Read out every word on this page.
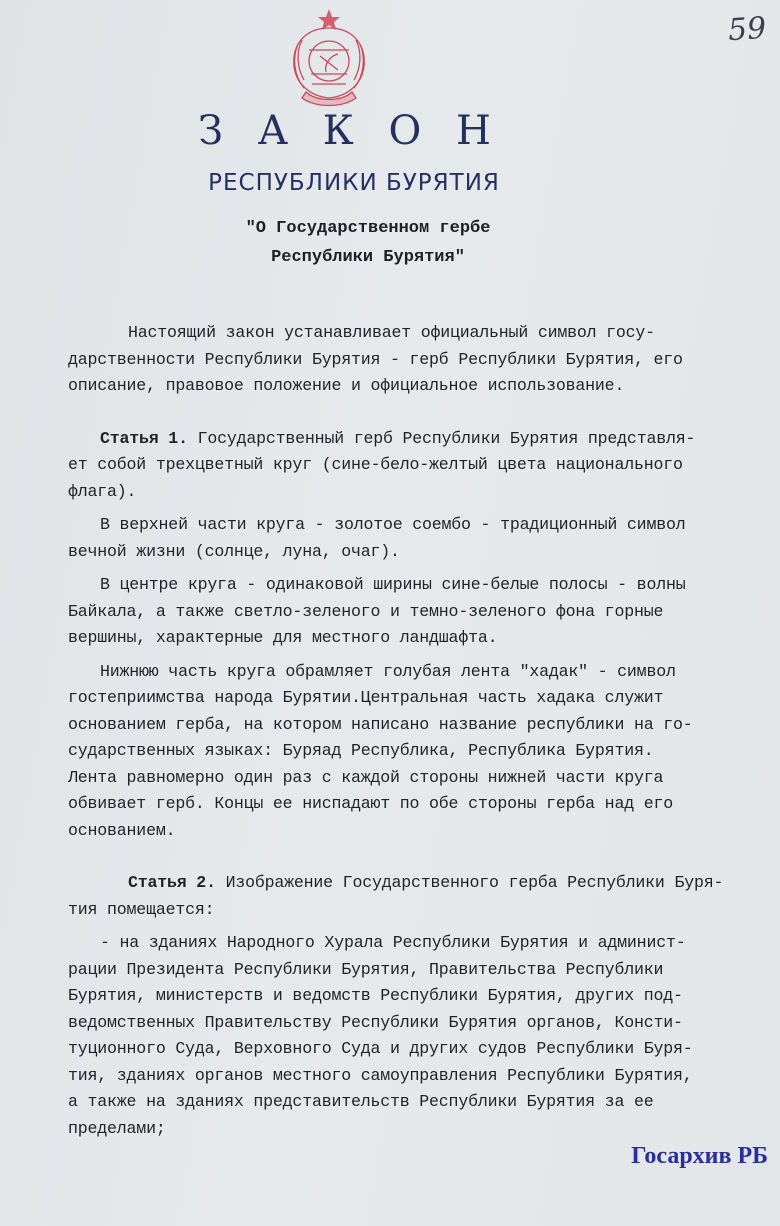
59
З А К О Н
РЕСПУБЛИКИ БУРЯТИЯ
"О Государственном гербе
Республики Бурятия"

Настоящий закон устанавливает официальный символ госу-

дарственности Республики Бурятия - герб Республики Бурятия, его

описание, правовое положение и официальное использование.

Статья 1. Государственный герб Республики Бурятия представля-

ет собой трехцветный круг (сине-бело-желтый цвета национального

флага).

В верхней части круга - золотое соембо - традиционный символ

вечной жизни (солнце, луна, очаг).

В центре круга - одинаковой ширины сине-белые полосы - волны

Байкала, а также светло-зеленого и темно-зеленого фона горные

вершины, характерные для местного ландшафта.

Нижнюю часть круга обрамляет голубая лента "хадак" - символ

гостеприимства народа Бурятии.Центральная часть хадака служит

основанием герба, на котором написано название республики на го-

сударственных языках: Буряад Республика, Республика Бурятия.

Лента равномерно один раз с каждой стороны нижней части круга

обвивает герб. Концы ее ниспадают по обе стороны герба над его

основанием.

Статья 2. Изображение Государственного герба Республики Буря-

тия помещается:

- на зданиях Народного Хурала Республики Бурятия и админист-

рации Президента Республики Бурятия, Правительства Республики

Бурятия, министерств и ведомств Республики Бурятия, других под-

ведомственных Правительству Республики Бурятия органов, Консти-

туционного Суда, Верховного Суда и других судов Республики Буря-

тия, зданиях органов местного самоуправления Республики Бурятия,

а также на зданиях представительств Республики Бурятия за ее

пределами;

Госархив РБ
